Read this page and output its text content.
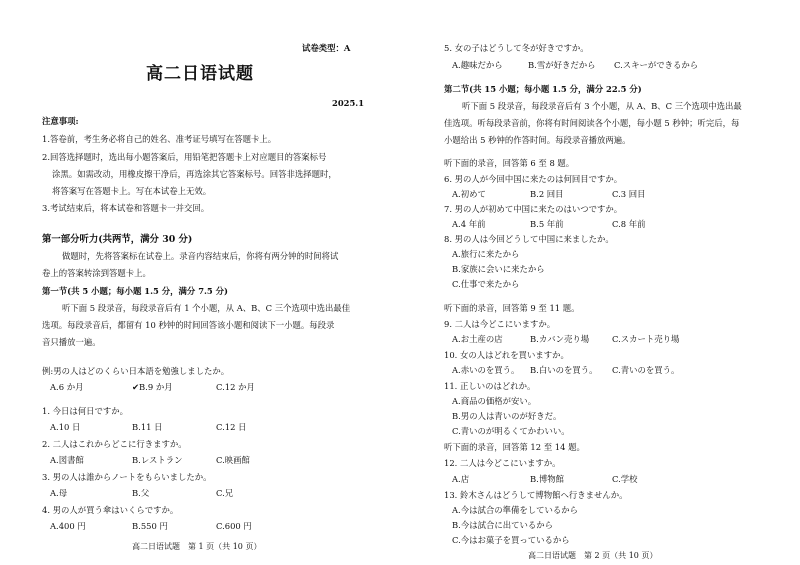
试卷类型：A
高二日语试题
2025.1
注意事项:
1.答卷前，考生务必将自己的姓名、准考证号填写在答题卡上。
2.回答选择题时，选出每小题答案后，用铅笔把答题卡上对应题目的答案标号
涂黑。如需改动，用橡皮擦干净后，再选涂其它答案标号。回答非选择题时，
将答案写在答题卡上。写在本试卷上无效。
3.考试结束后，将本试卷和答题卡一并交回。
第一部分听力(共两节，满分 30 分)
做题时，先将答案标在试卷上。录音内容结束后，你将有两分钟的时间将试
卷上的答案转涂到答题卡上。
第一节(共 5 小题；每小题 1.5 分，满分 7.5 分)
听下面 5 段录音，每段录音后有 1 个小题，从 A、B、C 三个选项中选出最佳
选项。每段录音后，都留有 10 秒钟的时间回答该小题和阅读下一小题。每段录
音只播放一遍。
例:男の人はどのくらい日本語を勉強しましたか。
A.6 か月	✔B.9 か月	C.12 か月
1. 今日は何日ですか。
A.10 日	B.11 日	C.12 日
2. 二人はこれからどこに行きますか。
A.図書館	B.レストラン	C.映画館
3. 男の人は誰からノートをもらいましたか。
A.母	B.父	C.兄
4. 男の人が買う傘はいくらですか。
A.400 円	B.550 円	C.600 円
高二日语试题　第 1 页（共 10 页）
5. 女の子はどうして冬が好きですか。
A.趣味だから	B.雪が好きだから C.スキーができるから
第二节(共 15 小题；每小题 1.5 分，满分 22.5 分)
听下面 5 段录音，每段录音后有 3 个小题，从 A、B、C 三个选项中选出最
佳选项。听每段录音前，你将有时间阅读各个小题，每小题 5 秒钟；听完后，每
小题给出 5 秒钟的作答时间。每段录音播放两遍。
听下面的录音，回答第 6 至 8 题。
6. 男の人が今回中国に来たのは何回目ですか。
A.初めて	B.2 回目	C.3 回目
7. 男の人が初めて中国に来たのはいつですか。
A.4 年前	B.5 年前	C.8 年前
8. 男の人は今回どうして中国に来ましたか。
A.旅行に来たから
B.家族に会いに来たから
C.仕事で来たから
听下面的录音，回答第 9 至 11 题。
9. 二人は今どこにいますか。
A.お土産の店	B.カバン売り場	C.スカート売り場
10. 女の人はどれを買いますか。
A.赤いのを買う。 B.白いのを買う。 C.青いのを買う。
11. 正しいのはどれか。
A.商品の価格が安い。
B.男の人は青いのが好きだ。
C.青いのが明るくてかわいい。
听下面的录音，回答第 12 至 14 题。
12. 二人は今どこにいますか。
A.店	B.博物館	C.学校
13. 鈴木さんはどうして博物館へ行きませんか。
A.今は試合の準備をしているから
B.今は試合に出ているから
C.今はお菓子を買っているから
高二日语试题　第 2 页（共 10 页）
